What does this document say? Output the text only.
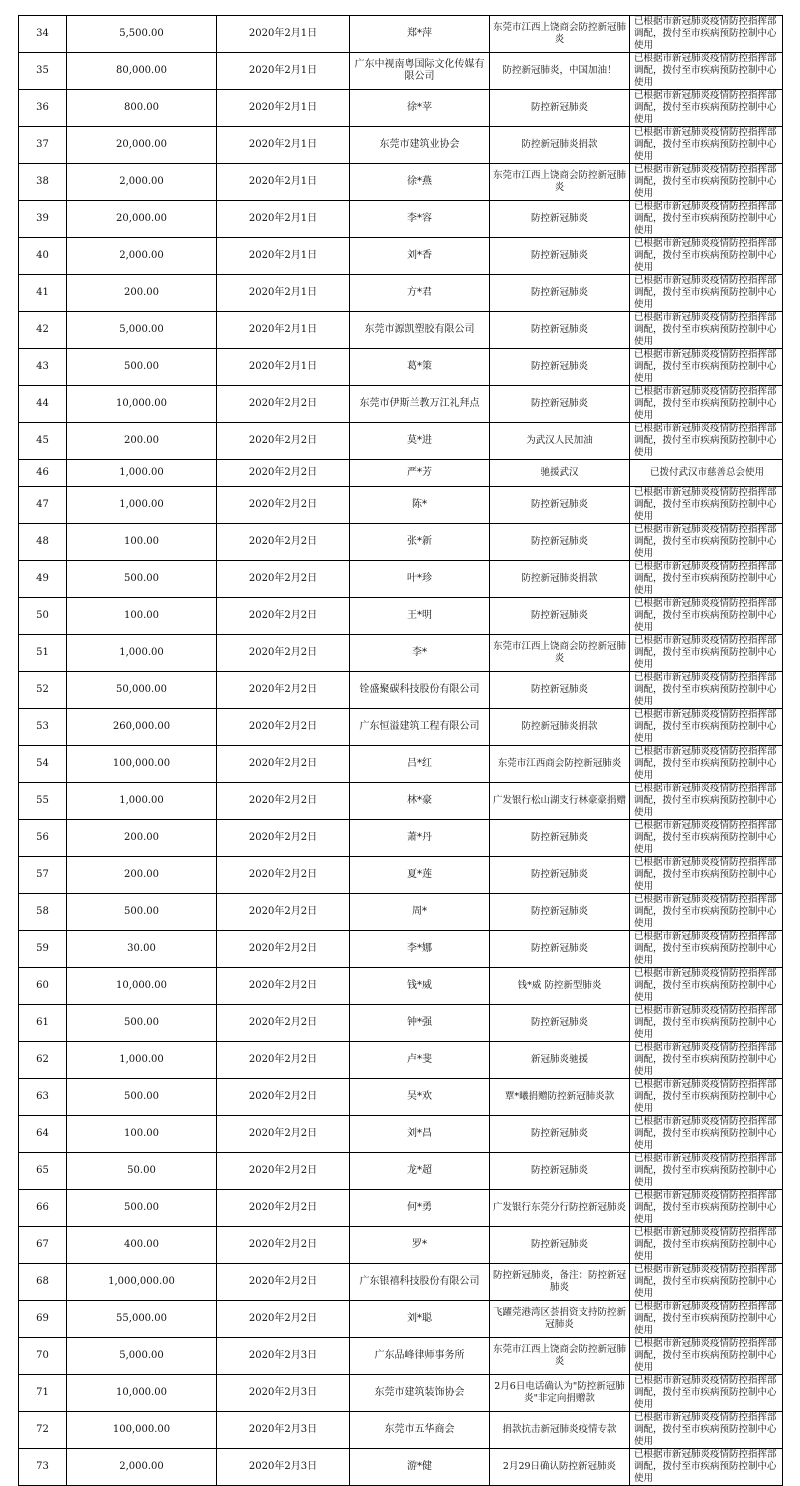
34	5,500.00	2020年2月1日	郑*萍	东莞市江西上饶商会防控新冠肺炎	已根据市新冠肺炎疫情防控指挥部调配，拨付至市疾病预防控制中心使用
35	80,000.00	2020年2月1日	广东中视南粤国际文化传媒有限公司	防控新冠肺炎，中国加油！	已根据市新冠肺炎疫情防控指挥部调配，拨付至市疾病预防控制中心使用
36	800.00	2020年2月1日	徐*苹	防控新冠肺炎	已根据市新冠肺炎疫情防控指挥部调配，拨付至市疾病预防控制中心使用
37	20,000.00	2020年2月1日	东莞市建筑业协会	防控新冠肺炎捐款	已根据市新冠肺炎疫情防控指挥部调配，拨付至市疾病预防控制中心使用
38	2,000.00	2020年2月1日	徐*燕	东莞市江西上饶商会防控新冠肺炎	已根据市新冠肺炎疫情防控指挥部调配，拨付至市疾病预防控制中心使用
39	20,000.00	2020年2月1日	李*容	防控新冠肺炎	已根据市新冠肺炎疫情防控指挥部调配，拨付至市疾病预防控制中心使用
40	2,000.00	2020年2月1日	刘*香	防控新冠肺炎	已根据市新冠肺炎疫情防控指挥部调配，拨付至市疾病预防控制中心使用
41	200.00	2020年2月1日	方*君	防控新冠肺炎	已根据市新冠肺炎疫情防控指挥部调配，拨付至市疾病预防控制中心使用
42	5,000.00	2020年2月1日	东莞市源凯塑胶有限公司	防控新冠肺炎	已根据市新冠肺炎疫情防控指挥部调配，拨付至市疾病预防控制中心使用
43	500.00	2020年2月1日	葛*策	防控新冠肺炎	已根据市新冠肺炎疫情防控指挥部调配，拨付至市疾病预防控制中心使用
44	10,000.00	2020年2月2日	东莞市伊斯兰教万江礼拜点	防控新冠肺炎	已根据市新冠肺炎疫情防控指挥部调配，拨付至市疾病预防控制中心使用
45	200.00	2020年2月2日	莫*进	为武汉人民加油	已根据市新冠肺炎疫情防控指挥部调配，拨付至市疾病预防控制中心使用
46	1,000.00	2020年2月2日	严*芳	驰援武汉	已拨付武汉市慈善总会使用
47	1,000.00	2020年2月2日	陈*	防控新冠肺炎	已根据市新冠肺炎疫情防控指挥部调配，拨付至市疾病预防控制中心使用
48	100.00	2020年2月2日	张*新	防控新冠肺炎	已根据市新冠肺炎疫情防控指挥部调配，拨付至市疾病预防控制中心使用
49	500.00	2020年2月2日	叶*珍	防控新冠肺炎捐款	已根据市新冠肺炎疫情防控指挥部调配，拨付至市疾病预防控制中心使用
50	100.00	2020年2月2日	王*明	防控新冠肺炎	已根据市新冠肺炎疫情防控指挥部调配，拨付至市疾病预防控制中心使用
51	1,000.00	2020年2月2日	李*	东莞市江西上饶商会防控新冠肺炎	已根据市新冠肺炎疫情防控指挥部调配，拨付至市疾病预防控制中心使用
52	50,000.00	2020年2月2日	铨盛聚碳科技股份有限公司	防控新冠肺炎	已根据市新冠肺炎疫情防控指挥部调配，拨付至市疾病预防控制中心使用
53	260,000.00	2020年2月2日	广东恒溢建筑工程有限公司	防控新冠肺炎捐款	已根据市新冠肺炎疫情防控指挥部调配，拨付至市疾病预防控制中心使用
54	100,000.00	2020年2月2日	吕*红	东莞市江西商会防控新冠肺炎	已根据市新冠肺炎疫情防控指挥部调配，拨付至市疾病预防控制中心使用
55	1,000.00	2020年2月2日	林*豪	广发银行松山湖支行林豪豪捐赠	已根据市新冠肺炎疫情防控指挥部调配，拨付至市疾病预防控制中心使用
56	200.00	2020年2月2日	萧*丹	防控新冠肺炎	已根据市新冠肺炎疫情防控指挥部调配，拨付至市疾病预防控制中心使用
57	200.00	2020年2月2日	夏*莲	防控新冠肺炎	已根据市新冠肺炎疫情防控指挥部调配，拨付至市疾病预防控制中心使用
58	500.00	2020年2月2日	周*	防控新冠肺炎	已根据市新冠肺炎疫情防控指挥部调配，拨付至市疾病预防控制中心使用
59	30.00	2020年2月2日	李*娜	防控新冠肺炎	已根据市新冠肺炎疫情防控指挥部调配，拨付至市疾病预防控制中心使用
60	10,000.00	2020年2月2日	钱*威	钱*威 防控新型肺炎	已根据市新冠肺炎疫情防控指挥部调配，拨付至市疾病预防控制中心使用
61	500.00	2020年2月2日	钟*强	防控新冠肺炎	已根据市新冠肺炎疫情防控指挥部调配，拨付至市疾病预防控制中心使用
62	1,000.00	2020年2月2日	卢*斐	新冠肺炎驰援	已根据市新冠肺炎疫情防控指挥部调配，拨付至市疾病预防控制中心使用
63	500.00	2020年2月2日	吴*欢	覃*曦捐赠防控新冠肺炎款	已根据市新冠肺炎疫情防控指挥部调配，拨付至市疾病预防控制中心使用
64	100.00	2020年2月2日	刘*昌	防控新冠肺炎	已根据市新冠肺炎疫情防控指挥部调配，拨付至市疾病预防控制中心使用
65	50.00	2020年2月2日	龙*超	防控新冠肺炎	已根据市新冠肺炎疫情防控指挥部调配，拨付至市疾病预防控制中心使用
66	500.00	2020年2月2日	何*勇	广发银行东莞分行防控新冠肺炎	已根据市新冠肺炎疫情防控指挥部调配，拨付至市疾病预防控制中心使用
67	400.00	2020年2月2日	罗*	防控新冠肺炎	已根据市新冠肺炎疫情防控指挥部调配，拨付至市疾病预防控制中心使用
68	1,000,000.00	2020年2月2日	广东银禧科技股份有限公司	防控新冠肺炎，备注：防控新冠肺炎	已根据市新冠肺炎疫情防控指挥部调配，拨付至市疾病预防控制中心使用
69	55,000.00	2020年2月2日	刘*聪	飞躍莞港湾区荟捐资支持防控新冠肺炎	已根据市新冠肺炎疫情防控指挥部调配，拨付至市疾病预防控制中心使用
70	5,000.00	2020年2月3日	广东品峰律师事务所	东莞市江西上饶商会防控新冠肺炎	已根据市新冠肺炎疫情防控指挥部调配，拨付至市疾病预防控制中心使用
71	10,000.00	2020年2月3日	东莞市建筑装饰协会	2月6日电话确认为"防控新冠肺炎"非定向捐赠款	已根据市新冠肺炎疫情防控指挥部调配，拨付至市疾病预防控制中心使用
72	100,000.00	2020年2月3日	东莞市五华商会	捐款抗击新冠肺炎疫情专款	已根据市新冠肺炎疫情防控指挥部调配，拨付至市疾病预防控制中心使用
73	2,000.00	2020年2月3日	游*健	2月29日确认防控新冠肺炎	已根据市新冠肺炎疫情防控指挥部调配，拨付至市疾病预防控制中心使用
